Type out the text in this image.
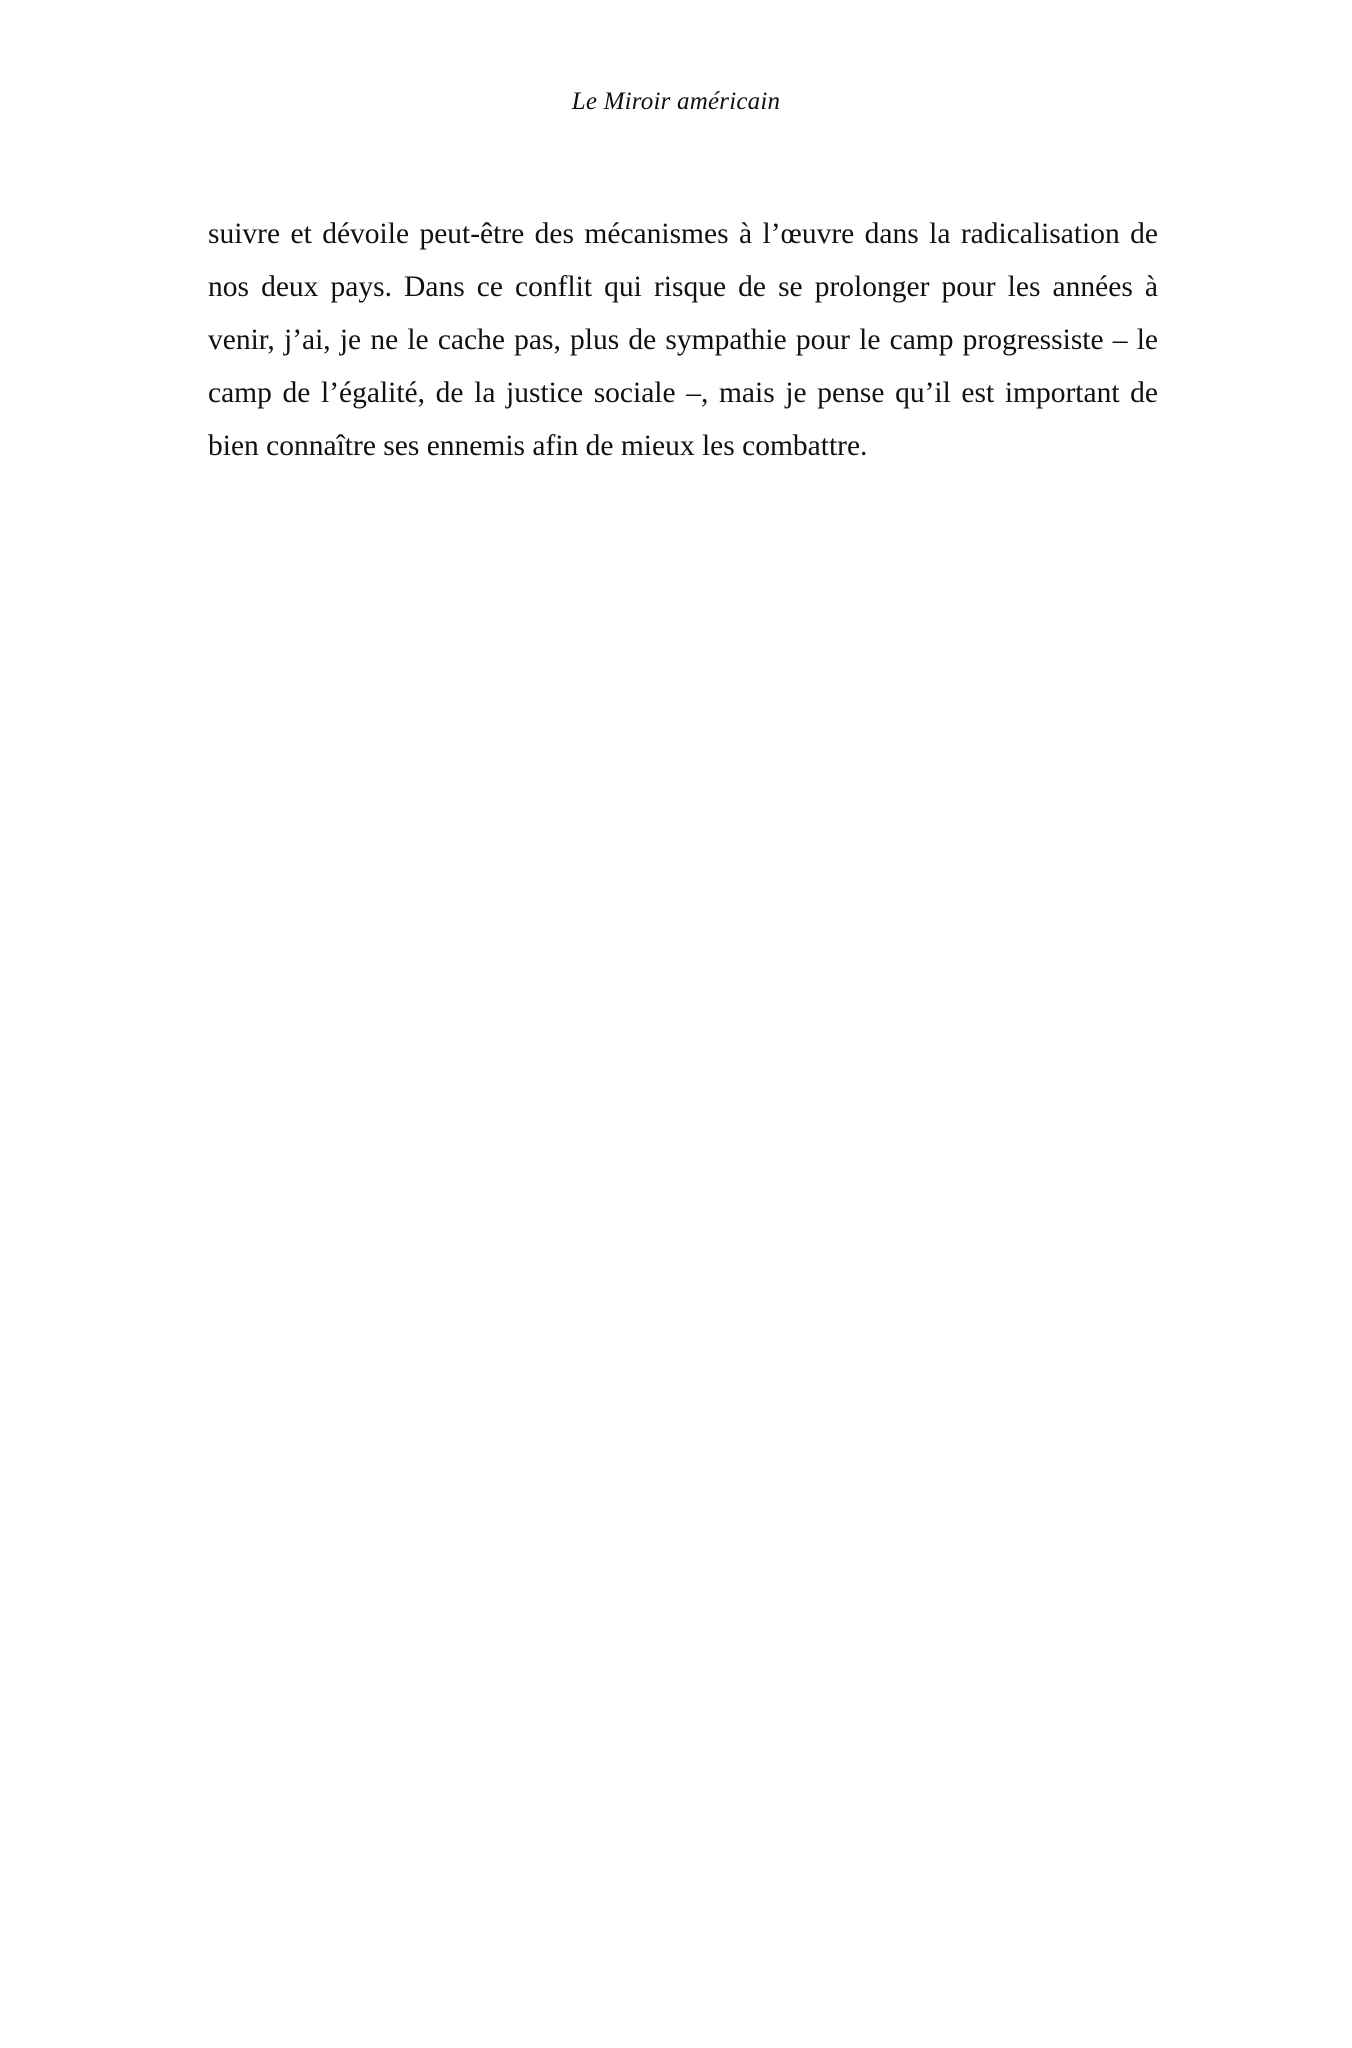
Le Miroir américain

suivre et dévoile peut-être des mécanismes à l’œuvre dans la radicalisation de nos deux pays. Dans ce conflit qui risque de se prolonger pour les années à venir, j’ai, je ne le cache pas, plus de sympathie pour le camp progressiste – le camp de l’égalité, de la justice sociale –, mais je pense qu’il est important de bien connaître ses ennemis afin de mieux les combattre.
